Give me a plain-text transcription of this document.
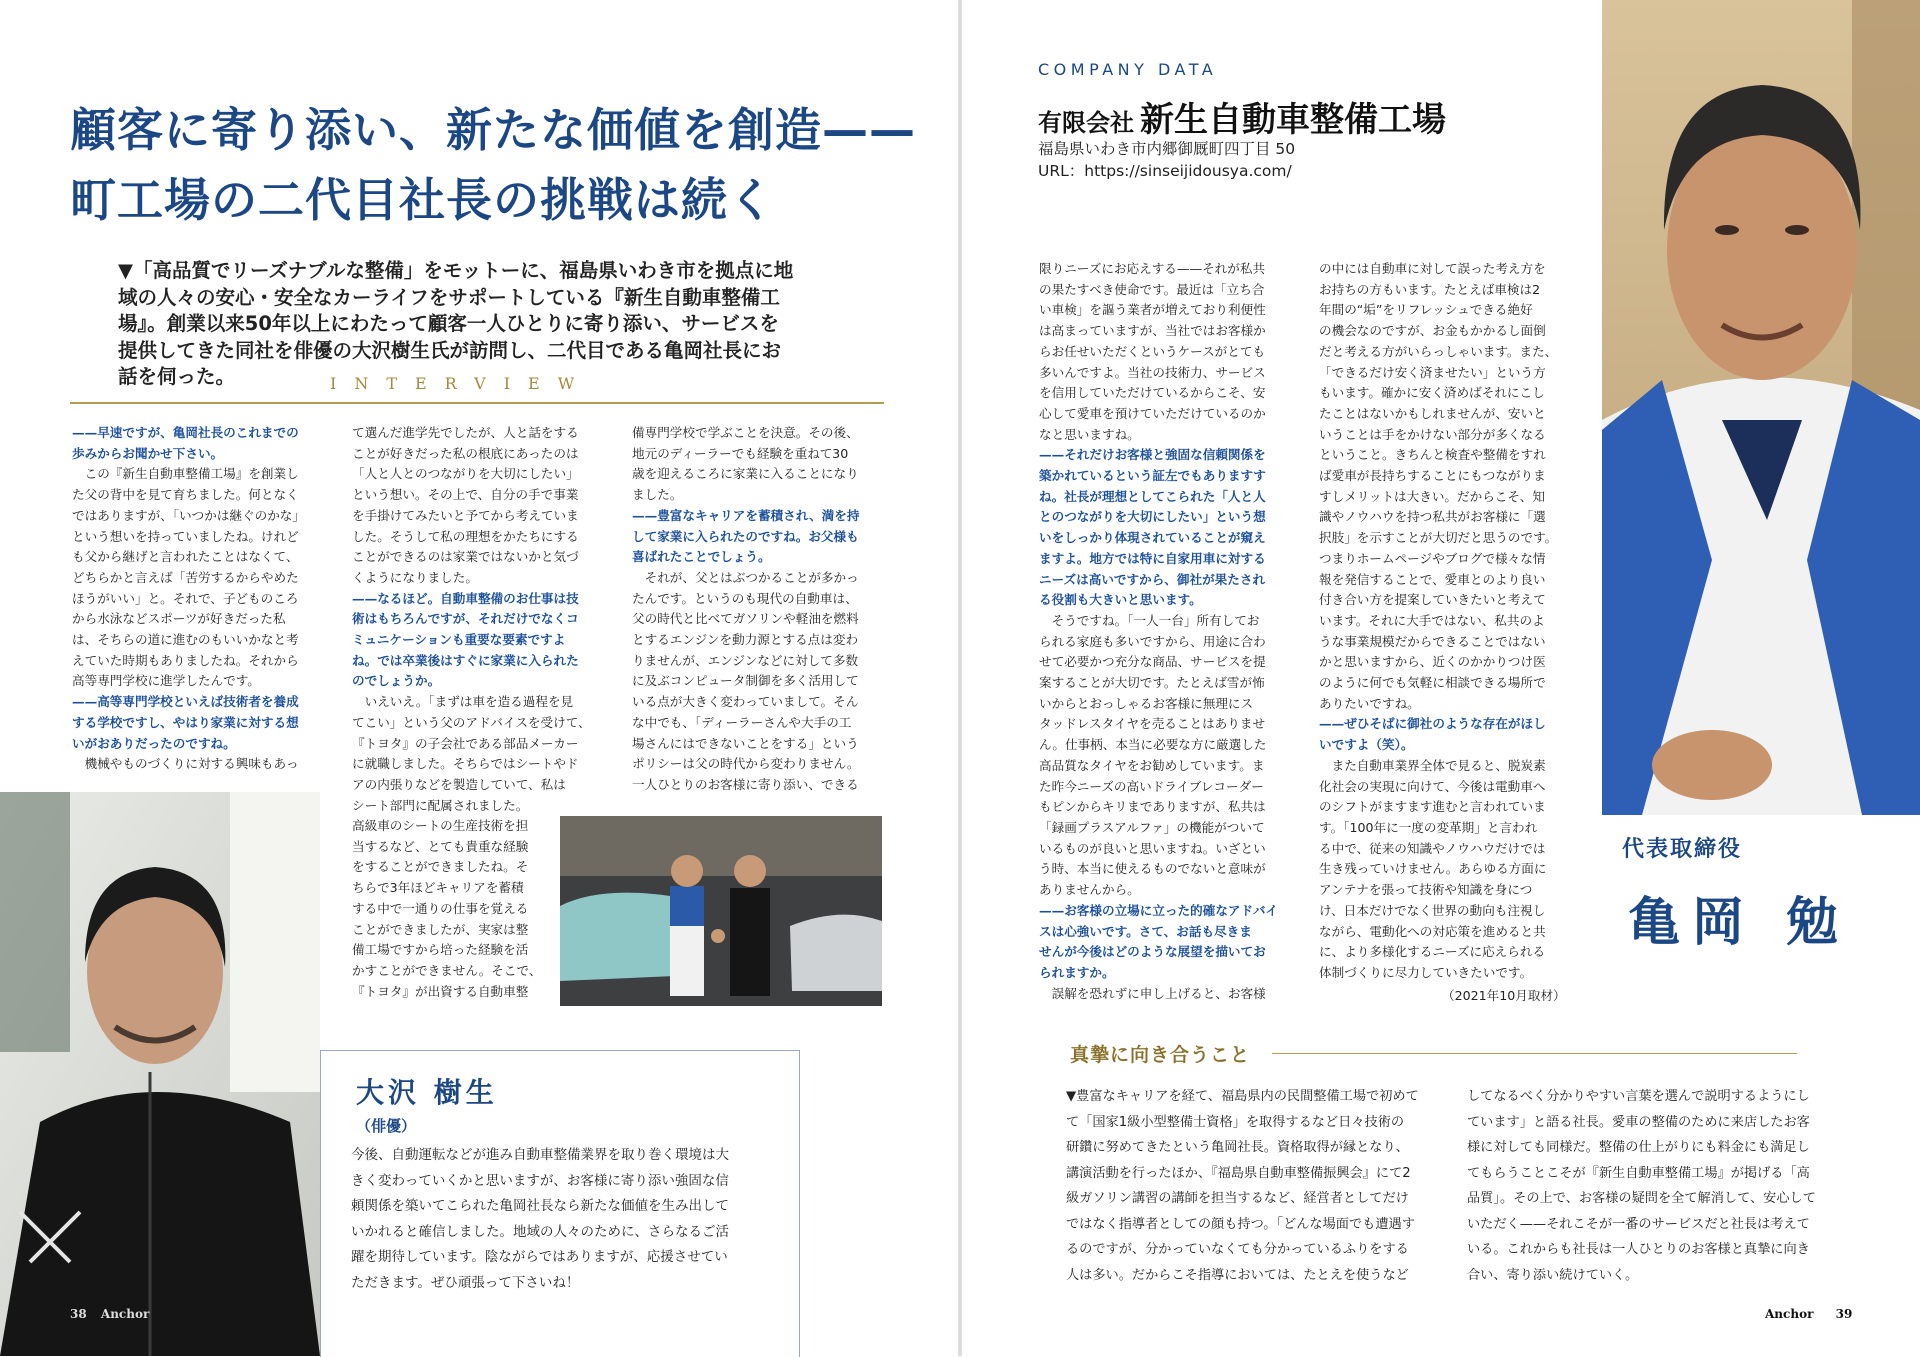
顧客に寄り添い、新たな価値を創造——
町工場の二代目社長の挑戦は続く

▼「高品質でリーズナブルな整備」をモットーに、福島県いわき市を拠点に地域の人々の安心・安全なカーライフをサポートしている『新生自動車整備工場』。創業以来50年以上にわたって顧客一人ひとりに寄り添い、サービスを提供してきた同社を俳優の大沢樹生氏が訪問し、二代目である亀岡社長にお話を伺った。	INTERVIEW
——早速ですが、亀岡社長のこれまでの
歩みからお聞かせ下さい。
　この『新生自動車整備工場』を創業し
た父の背中を見て育ちました。何となく
ではありますが、「いつかは継ぐのかな」
という想いを持っていましたね。けれど
も父から継げと言われたことはなくて、
どちらかと言えば「苦労するからやめた
ほうがいい」と。それで、子どものころ
から水泳などスポーツが好きだった私
は、そちらの道に進むのもいいかなと考
えていた時期もありましたね。それから
高等専門学校に進学したんです。
——高等専門学校といえば技術者を養成
する学校ですし、やはり家業に対する想
いがおありだったのですね。
　機械やものづくりに対する興味もあっ
て選んだ進学先でしたが、人と話をする
ことが好きだった私の根底にあったのは
「人と人とのつながりを大切にしたい」
という想い。その上で、自分の手で事業
を手掛けてみたいと予てから考えていま
した。そうして私の理想をかたちにする
ことができるのは家業ではないかと気づ
くようになりました。
——なるほど。自動車整備のお仕事は技
術はもちろんですが、それだけでなくコ
ミュニケーションも重要な要素ですよ
ね。では卒業後はすぐに家業に入られた
のでしょうか。
　いえいえ。「まずは車を造る過程を見
てこい」という父のアドバイスを受けて、
『トヨタ』の子会社である部品メーカー
に就職しました。そちらではシートやド
アの内張りなどを製造していて、私は
シート部門に配属されました。
高級車のシートの生産技術を担
当するなど、とても貴重な経験
をすることができましたね。そ
ちらで3年ほどキャリアを蓄積
する中で一通りの仕事を覚える
ことができましたが、実家は整
備工場ですから培った経験を活
かすことができません。そこで、
『トヨタ』が出資する自動車整
備専門学校で学ぶことを決意。その後、
地元のディーラーでも経験を重ねて30
歳を迎えるころに家業に入ることになり
ました。
——豊富なキャリアを蓄積され、満を持
して家業に入られたのですね。お父様も
喜ばれたことでしょう。
　それが、父とはぶつかることが多かっ
たんです。というのも現代の自動車は、
父の時代と比べてガソリンや軽油を燃料
とするエンジンを動力源とする点は変わ
りませんが、エンジンなどに対して多数
に及ぶコンピュータ制御を多く活用して
いる点が大きく変わっていまして。そん
な中でも、「ディーラーさんや大手の工
場さんにはできないことをする」という
ポリシーは父の時代から変わりません。
一人ひとりのお客様に寄り添い、できる
大沢 樹生
（俳優）
今後、自動運転などが進み自動車整備業界を取り巻く環境は大
きく変わっていくかと思いますが、お客様に寄り添い強固な信
頼関係を築いてこられた亀岡社長なら新たな価値を生み出して
いかれると確信しました。地域の人々のために、さらなるご活
躍を期待しています。陰ながらではありますが、応援させてい
ただきます。ぜひ頑張って下さいね！
38 Anchor
COMPANY DATA
有限会社 新生自動車整備工場
福島県いわき市内郷御厩町四丁目 50
URL：https://sinseijidousya.com/
限りニーズにお応えする——それが私共
の果たすべき使命です。最近は「立ち合
い車検」を謳う業者が増えており利便性
は高まっていますが、当社ではお客様か
らお任せいただくというケースがとても
多いんですよ。当社の技術力、サービス
を信用していただけているからこそ、安
心して愛車を預けていただけているのか
なと思いますね。
——それだけお客様と強固な信頼関係を
築かれているという証左でもありますす
ね。社長が理想としてこられた「人と人
とのつながりを大切にしたい」という想
いをしっかり体現されていることが窺え
ますよ。地方では特に自家用車に対する
ニーズは高いですから、御社が果たされ
る役割も大きいと思います。
　そうですね。「一人一台」所有してお
られる家庭も多いですから、用途に合わ
せて必要かつ充分な商品、サービスを提
案することが大切です。たとえば雪が怖
いからとおっしゃるお客様に無理にス
タッドレスタイヤを売ることはありませ
ん。仕事柄、本当に必要な方に厳選した
高品質なタイヤをお勧めしています。ま
た昨今ニーズの高いドライブレコーダー
もピンからキリまでありますが、私共は
「録画プラスアルファ」の機能がついて
いるものが良いと思いますね。いざとい
う時、本当に使えるものでないと意味が
ありませんから。
——お客様の立場に立った的確なアドバイ
スは心強いです。さて、お話も尽きま
せんが今後はどのような展望を描いてお
られますか。
　誤解を恐れずに申し上げると、お客様
の中には自動車に対して誤った考え方を
お持ちの方もいます。たとえば車検は2
年間の“垢”をリフレッシュできる絶好
の機会なのですが、お金もかかるし面倒
だと考える方がいらっしゃいます。また、
「できるだけ安く済ませたい」という方
もいます。確かに安く済めばそれにこし
たことはないかもしれませんが、安いと
いうことは手をかけない部分が多くなる
ということ。きちんと検査や整備をすれ
ば愛車が長持ちすることにもつながりま
すしメリットは大きい。だからこそ、知
識やノウハウを持つ私共がお客様に「選
択肢」を示すことが大切だと思うのです。
つまりホームページやブログで様々な情
報を発信することで、愛車とのより良い
付き合い方を提案していきたいと考えて
います。それに大手ではない、私共のよ
うな事業規模だからできることではない
かと思いますから、近くのかかりつけ医
のように何でも気軽に相談できる場所で
ありたいですね。
——ぜひそばに御社のような存在がほし
いですよ（笑）。
　また自動車業界全体で見ると、脱炭素
化社会の実現に向けて、今後は電動車へ
のシフトがますます進むと言われていま
す。「100年に一度の変革期」と言われ
る中で、従来の知識やノウハウだけでは
生き残っていけません。あらゆる方面に
アンテナを張って技術や知識を身につ
け、日本だけでなく世界の動向も注視し
ながら、電動化への対応策を進めると共
に、より多様化するニーズに応えられる
体制づくりに尽力していきたいです。
（2021年10月取材）
代表取締役
亀岡 勉
真摯に向き合うこと
▼豊富なキャリアを経て、福島県内の民間整備工場で初めて
て「国家1級小型整備士資格」を取得するなど日々技術の
研鑽に努めてきたという亀岡社長。資格取得が縁となり、
講演活動を行ったほか、『福島県自動車整備振興会』にて2
級ガソリン講習の講師を担当するなど、経営者としてだけ
ではなく指導者としての顔も持つ。「どんな場面でも遭遇す
るのですが、分かっていなくても分かっているふりをする
人は多い。だからこそ指導においては、たとえを使うなど
してなるべく分かりやすい言葉を選んで説明するようにし
ています」と語る社長。愛車の整備のために来店したお客
様に対しても同様だ。整備の仕上がりにも料金にも満足し
てもらうことこそが『新生自動車整備工場』が掲げる「高
品質」。その上で、お客様の疑問を全て解消して、安心して
いただく——それこそが一番のサービスだと社長は考えて
いる。これからも社長は一人ひとりのお客様と真摯に向き
合い、寄り添い続けていく。
Anchor 39
